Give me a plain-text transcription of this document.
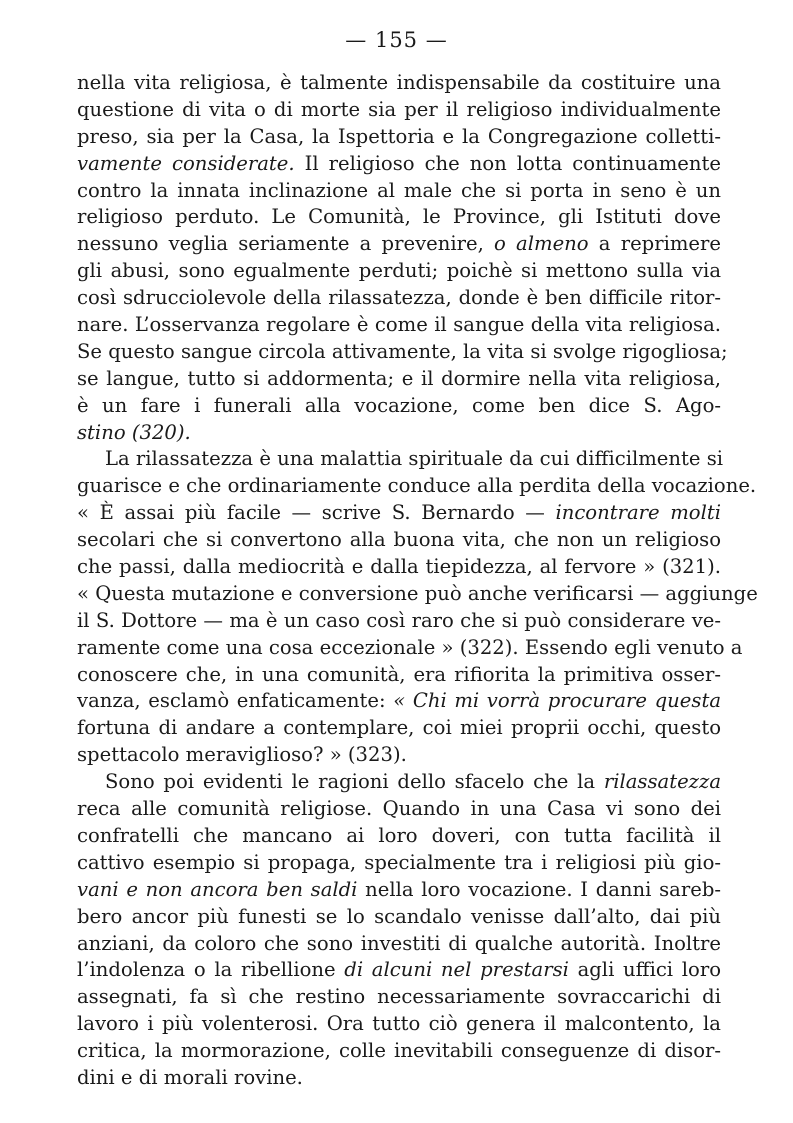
— 155 —
nella vita religiosa, è talmente indispensabile da costituire una
questione di vita o di morte sia per il religioso individualmente
preso, sia per la Casa, la Ispettoria e la Congregazione colletti-
vamente considerate. Il religioso che non lotta continuamente
contro la innata inclinazione al male che si porta in seno è un
religioso perduto. Le Comunità, le Province, gli Istituti dove
nessuno veglia seriamente a prevenire, o almeno a reprimere
gli abusi, sono egualmente perduti; poichè si mettono sulla via
così sdrucciolevole della rilassatezza, donde è ben difficile ritor-
nare. L’osservanza regolare è come il sangue della vita religiosa.
Se questo sangue circola attivamente, la vita si svolge rigogliosa;
se langue, tutto si addormenta; e il dormire nella vita religiosa,
è un fare i funerali alla vocazione, come ben dice S. Ago-
stino (320).
La rilassatezza è una malattia spirituale da cui difficilmente si
guarisce e che ordinariamente conduce alla perdita della vocazione.
« È assai più facile — scrive S. Bernardo — incontrare molti
secolari che si convertono alla buona vita, che non un religioso
che passi, dalla mediocrità e dalla tiepidezza, al fervore » (321).
« Questa mutazione e conversione può anche verificarsi — aggiunge
il S. Dottore — ma è un caso così raro che si può considerare ve-
ramente come una cosa eccezionale » (322). Essendo egli venuto a
conoscere che, in una comunità, era rifiorita la primitiva osser-
vanza, esclamò enfaticamente: « Chi mi vorrà procurare questa
fortuna di andare a contemplare, coi miei proprii occhi, questo
spettacolo meraviglioso? » (323).
Sono poi evidenti le ragioni dello sfacelo che la rilassatezza
reca alle comunità religiose. Quando in una Casa vi sono dei
confratelli che mancano ai loro doveri, con tutta facilità il
cattivo esempio si propaga, specialmente tra i religiosi più gio-
vani e non ancora ben saldi nella loro vocazione. I danni sareb-
bero ancor più funesti se lo scandalo venisse dall’alto, dai più
anziani, da coloro che sono investiti di qualche autorità. Inoltre
l’indolenza o la ribellione di alcuni nel prestarsi agli uffici loro
assegnati, fa sì che restino necessariamente sovraccarichi di
lavoro i più volenterosi. Ora tutto ciò genera il malcontento, la
critica, la mormorazione, colle inevitabili conseguenze di disor-
dini e di morali rovine.
